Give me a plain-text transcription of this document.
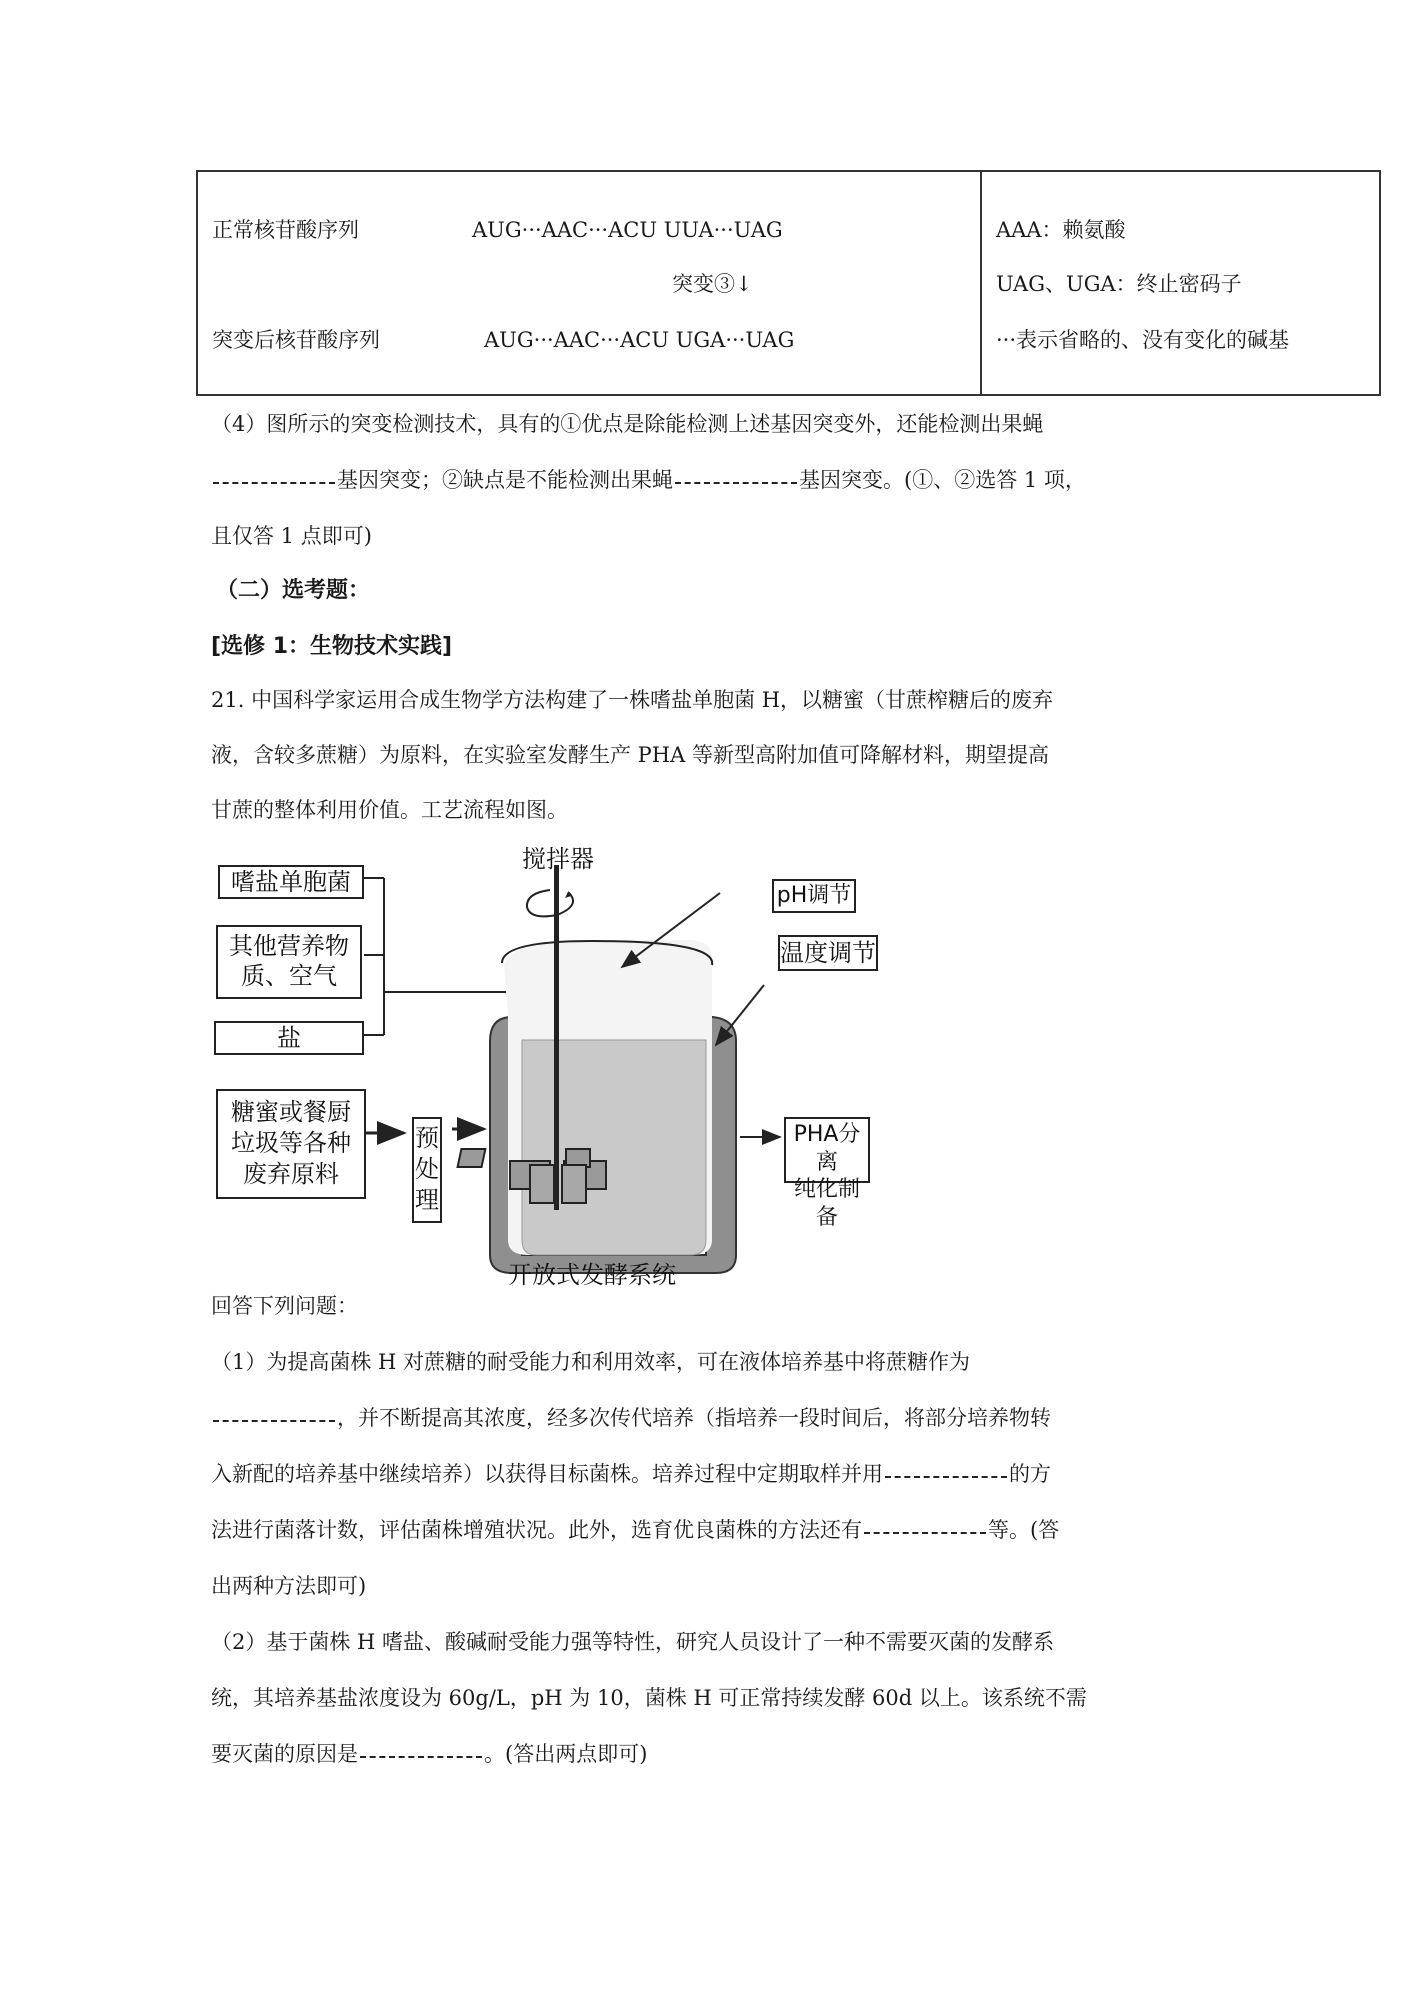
正常核苷酸序列	AUG···AAC···ACU UUA···UAG
突变③↓
突变后核苷酸序列	AUG···AAC···ACU UGA···UAG
AAA：赖氨酸
UAG、UGA：终止密码子
···表示省略的、没有变化的碱基
（4）图所示的突变检测技术，具有的①优点是除能检测上述基因突变外，还能检测出果蝇
基因突变；②缺点是不能检测出果蝇	基因突变。(①、②选答 1 项，
且仅答 1 点即可)
（二）选考题：
[选修 1：生物技术实践]
21. 中国科学家运用合成生物学方法构建了一株嗜盐单胞菌 H，以糖蜜（甘蔗榨糖后的废弃
液，含较多蔗糖）为原料，在实验室发酵生产 PHA 等新型高附加值可降解材料，期望提高
甘蔗的整体利用价值。工艺流程如图。
嗜盐单胞菌
其他营养物
质、空气
盐
糖蜜或餐厨
垃圾等各种
废弃原料
预
处
理
搅拌器
pH调节
温度调节
PHA分离
纯化制备
开放式发酵系统
回答下列问题：
（1）为提高菌株 H 对蔗糖的耐受能力和利用效率，可在液体培养基中将蔗糖作为
，并不断提高其浓度，经多次传代培养（指培养一段时间后，将部分培养物转
入新配的培养基中继续培养）以获得目标菌株。培养过程中定期取样并用	的方
法进行菌落计数，评估菌株增殖状况。此外，选育优良菌株的方法还有	等。(答
出两种方法即可)
（2）基于菌株 H 嗜盐、酸碱耐受能力强等特性，研究人员设计了一种不需要灭菌的发酵系
统，其培养基盐浓度设为 60g/L，pH 为 10，菌株 H 可正常持续发酵 60d 以上。该系统不需
要灭菌的原因是	。(答出两点即可)
